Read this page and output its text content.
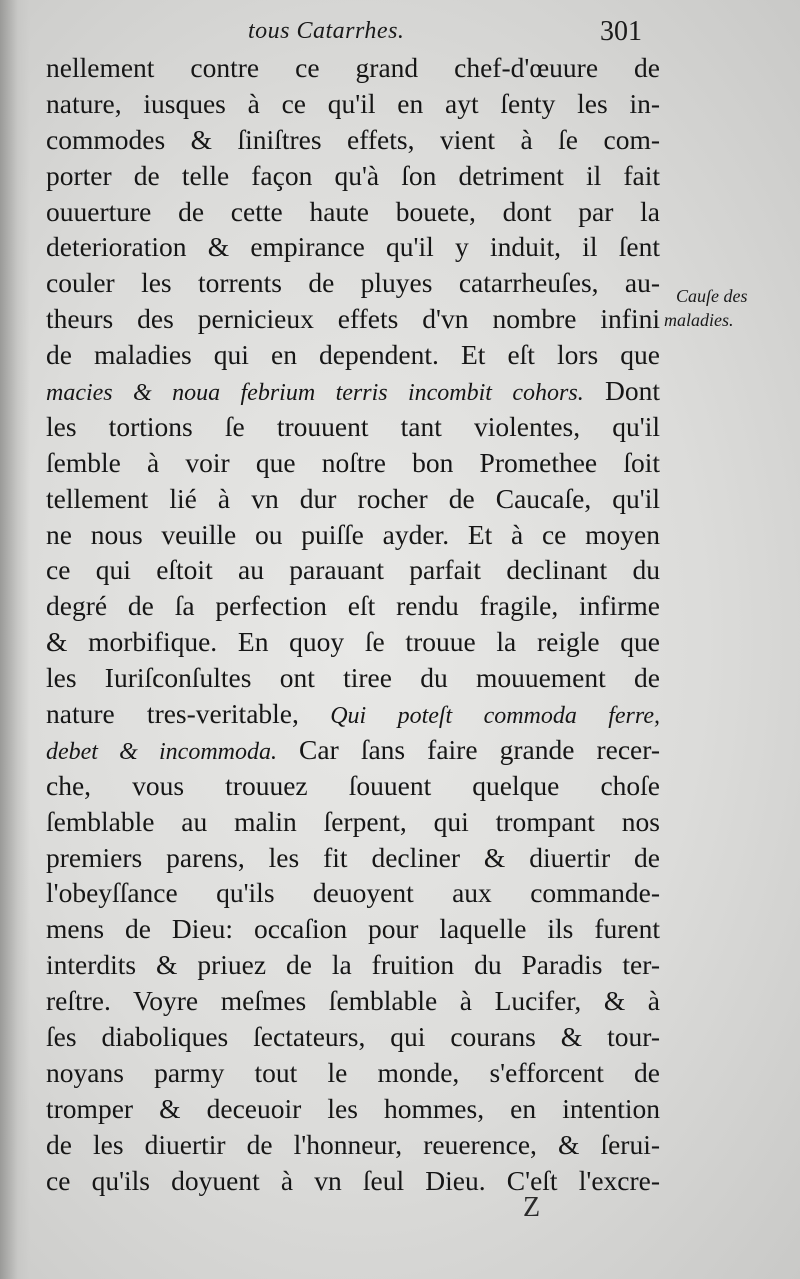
tous Catarrhes.	301
nellement contre ce grand chef-d'œuure de
nature, iusques à ce qu'il en ayt ſenty les in-
commodes & ſiniſtres effets, vient à ſe com-
porter de telle façon qu'à ſon detriment il fait
ouuerture de cette haute bouete, dont par la
deterioration & empirance qu'il y induit, il ſent
couler les torrents de pluyes catarrheuſes, au-
theurs des pernicieux effets d'vn nombre infini
de maladies qui en dependent. Et eſt lors que
macies & noua febrium terris incombit cohors. Dont
les tortions ſe trouuent tant violentes, qu'il
ſemble à voir que noſtre bon Promethee ſoit
tellement lié à vn dur rocher de Caucaſe, qu'il
ne nous veuille ou puiſſe ayder. Et à ce moyen
ce qui eſtoit au parauant parfait declinant du
degré de ſa perfection eſt rendu fragile, infirme
& morbifique. En quoy ſe trouue la reigle que
les Iuriſconſultes ont tiree du mouuement de
nature tres-veritable, Qui poteſt commoda ferre,
debet & incommoda. Car ſans faire grande recer-
che, vous trouuez ſouuent quelque choſe
ſemblable au malin ſerpent, qui trompant nos
premiers parens, les fit decliner & diuertir de
l'obeyſſance qu'ils deuoyent aux commande-
mens de Dieu: occaſion pour laquelle ils furent
interdits & priuez de la fruition du Paradis ter-
reſtre. Voyre meſmes ſemblable à Lucifer, & à
ſes diaboliques ſectateurs, qui courans & tour-
noyans parmy tout le monde, s'efforcent de
tromper & deceuoir les hommes, en intention
de les diuertir de l'honneur, reuerence, & ſerui-
ce qu'ils doyuent à vn ſeul Dieu. C'eſt l'excre-
Cauſe des
maladies.
Z
